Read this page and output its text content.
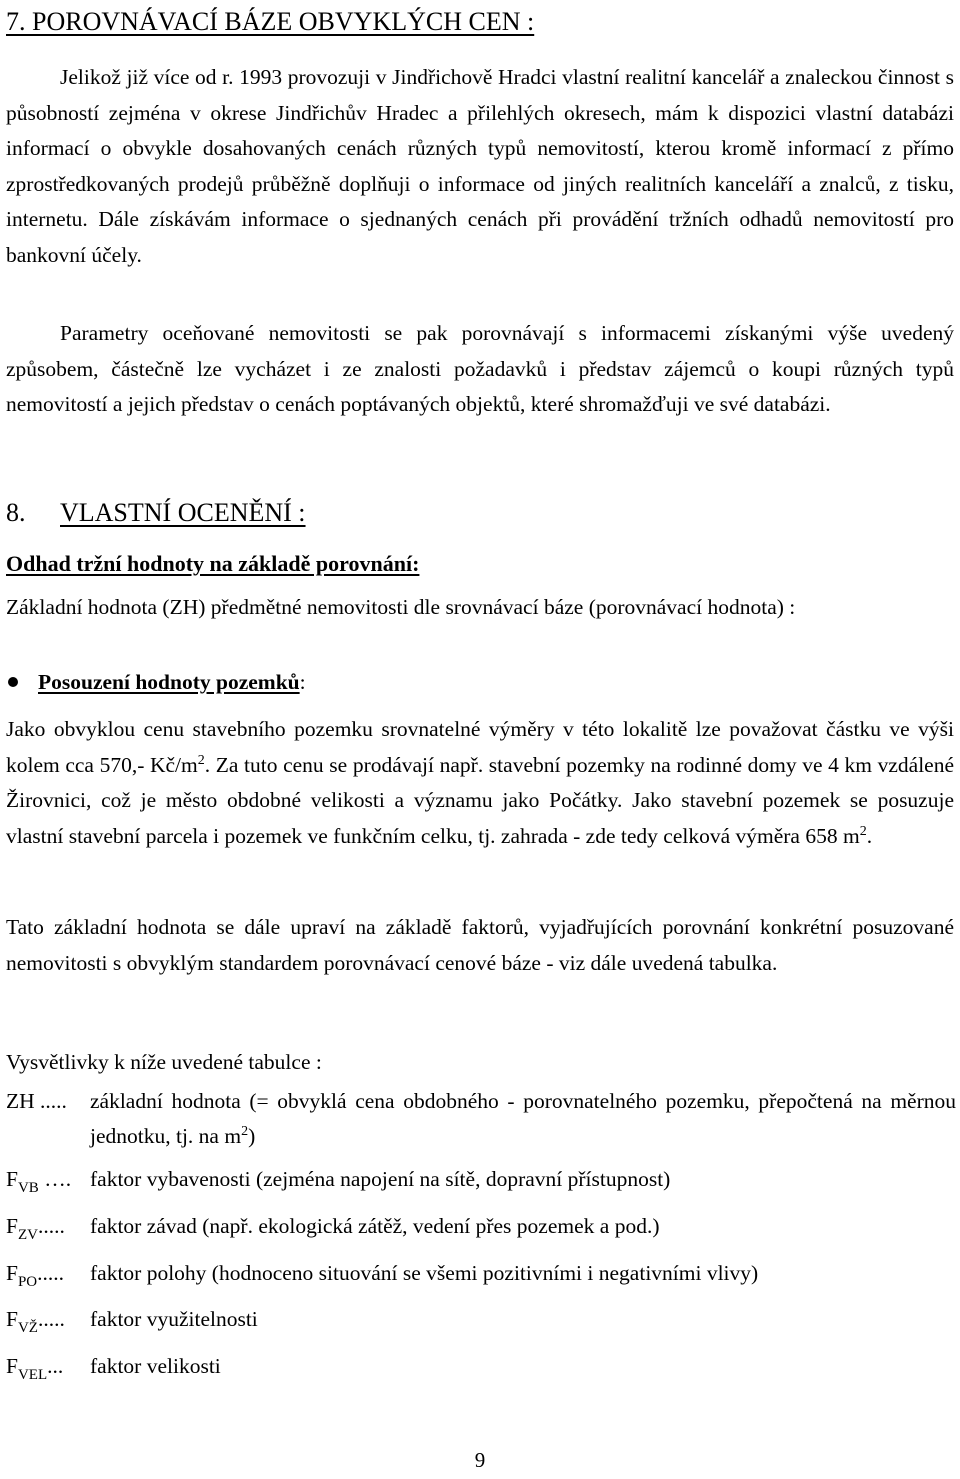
7. POROVNÁVACÍ BÁZE OBVYKLÝCH CEN :

Jelikož již více od r. 1993 provozuji v Jindřichově Hradci vlastní realitní kancelář a znaleckou činnost s působností zejména v okrese Jindřichův Hradec a přilehlých okresech, mám k dispozici vlastní databázi informací o obvykle dosahovaných cenách různých typů nemovitostí, kterou kromě informací z přímo zprostředkovaných prodejů průběžně doplňuji o informace od jiných realitních kanceláří a znalců, z tisku, internetu. Dále získávám informace o sjednaných cenách při provádění tržních odhadů nemovitostí pro bankovní účely.

Parametry oceňované nemovitosti se pak porovnávají s informacemi získanými výše uvedený způsobem, částečně lze vycházet i ze znalosti požadavků i představ zájemců o koupi různých typů nemovitostí a jejich představ o cenách poptávaných objektů, které shromažďuji ve své databázi.

8. VLASTNÍ OCENĚNÍ :
Odhad tržní hodnoty na základě porovnání:

Základní hodnota (ZH) předmětné nemovitosti dle srovnávací báze (porovnávací hodnota) :

Posouzení hodnoty pozemků:

Jako obvyklou cenu stavebního pozemku srovnatelné výměry v této lokalitě lze považovat částku ve výši kolem cca 570,- $Kč/m^2$. Za tuto cenu se prodávají např. stavební pozemky na rodinné domy ve 4 km vzdálené Žirovnici, což je město obdobné velikosti a významu jako Počátky. Jako stavební pozemek se posuzuje vlastní stavební parcela i pozemek ve funkčním celku, tj. zahrada - zde tedy celková výměra 658 $m^2$.

Tato základní hodnota se dále upraví na základě faktorů, vyjadřujících porovnání konkrétní posuzované nemovitosti s obvyklým standardem porovnávací cenové báze - viz dále uvedená tabulka.

Vysvětlivky k níže uvedené tabulce :
ZH ..... základní hodnota (= obvyklá cena obdobného - porovnatelného pozemku, přepočtená na měrnou jednotku, tj. na $m^2$)
$F_{VB}$ …. faktor vybavenosti (zejména napojení na sítě, dopravní přístupnost)
$F_{ZV}$..... faktor závad (např. ekologická zátěž, vedení přes pozemek a pod.)
$F_{PO}$..... faktor polohy (hodnoceno situování se všemi pozitivními i negativními vlivy)
$F_{VŽ}$..... faktor využitelnosti
$F_{VEL}$... faktor velikosti
9
